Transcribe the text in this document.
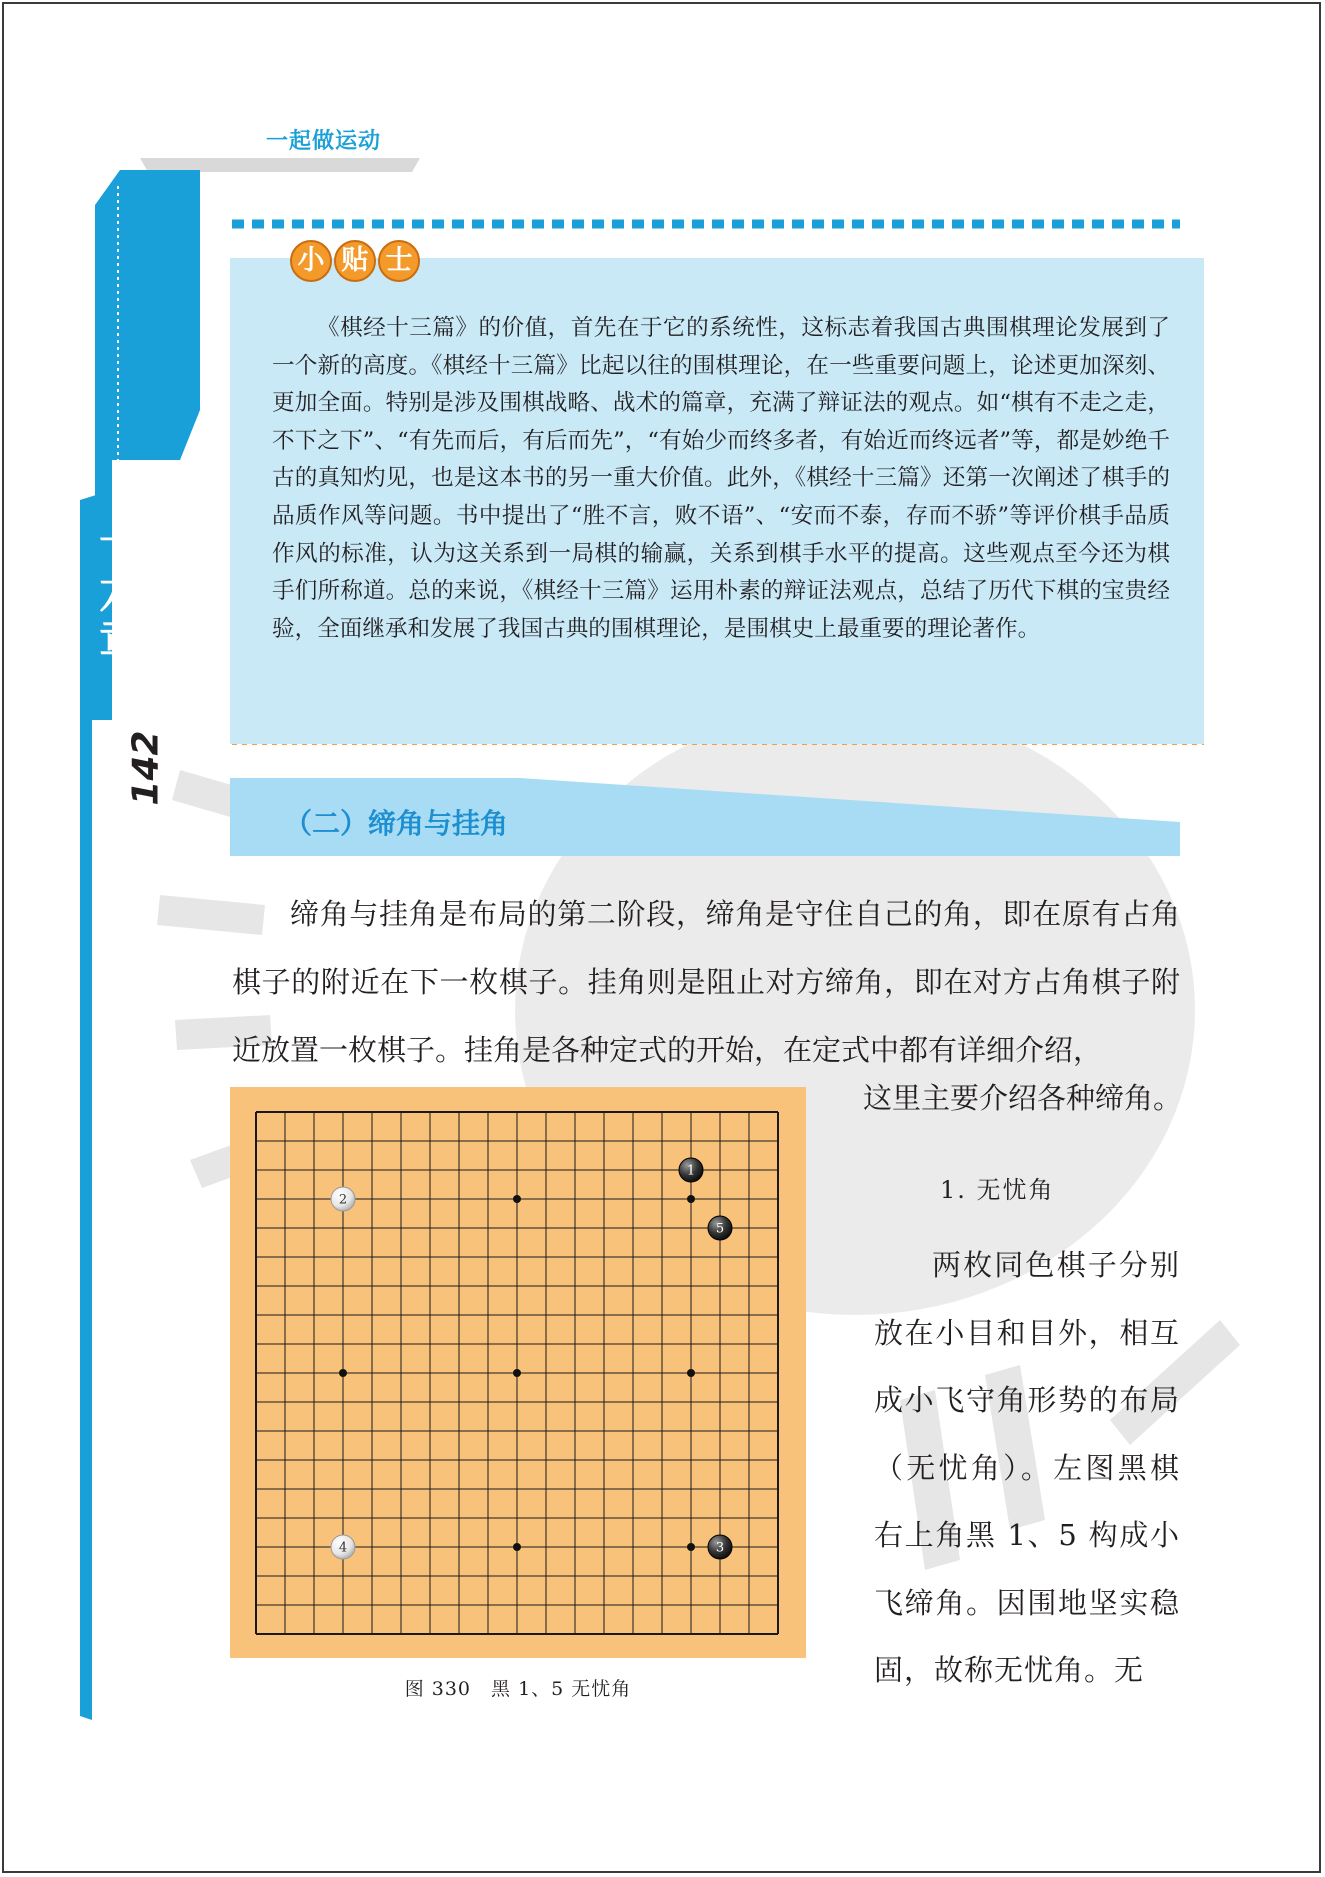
一起做运动
十
六
章
142
小 贴 士

《棋经十三篇》的价值，首先在于它的系统性，这标志着我国古典围棋理论发展到了一个新的高度。《棋经十三篇》比起以往的围棋理论，在一些重要问题上，论述更加深刻、更加全面。特别是涉及围棋战略、战术的篇章，充满了辩证法的观点。如“棋有不走之走，不下之下”、“有先而后，有后而先”，“有始少而终多者，有始近而终远者”等，都是妙绝千古的真知灼见，也是这本书的另一重大价值。此外，《棋经十三篇》还第一次阐述了棋手的品质作风等问题。书中提出了“胜不言，败不语”、“安而不泰，存而不骄”等评价棋手品质作风的标准，认为这关系到一局棋的输赢，关系到棋手水平的提高。这些观点至今还为棋手们所称道。总的来说，《棋经十三篇》运用朴素的辩证法观点，总结了历代下棋的宝贵经验，全面继承和发展了我国古典的围棋理论，是围棋史上最重要的理论著作。

（二）缔角与挂角

缔角与挂角是布局的第二阶段，缔角是守住自己的角，即在原有占角棋子的附近在下一枚棋子。挂角则是阻止对方缔角，即在对方占角棋子附近放置一枚棋子。挂角是各种定式的开始，在定式中都有详细介绍，

这里主要介绍各种缔角。
1
2
3
4
5
图 330　黑 1、5 无忧角
1. 无忧角

两枚同色棋子分别放在小目和目外，相互成小飞守角形势的布局（无忧角）。左图黑棋右上角黑 1、5 构成小飞缔角。因围地坚实稳固，故称无忧角。无
